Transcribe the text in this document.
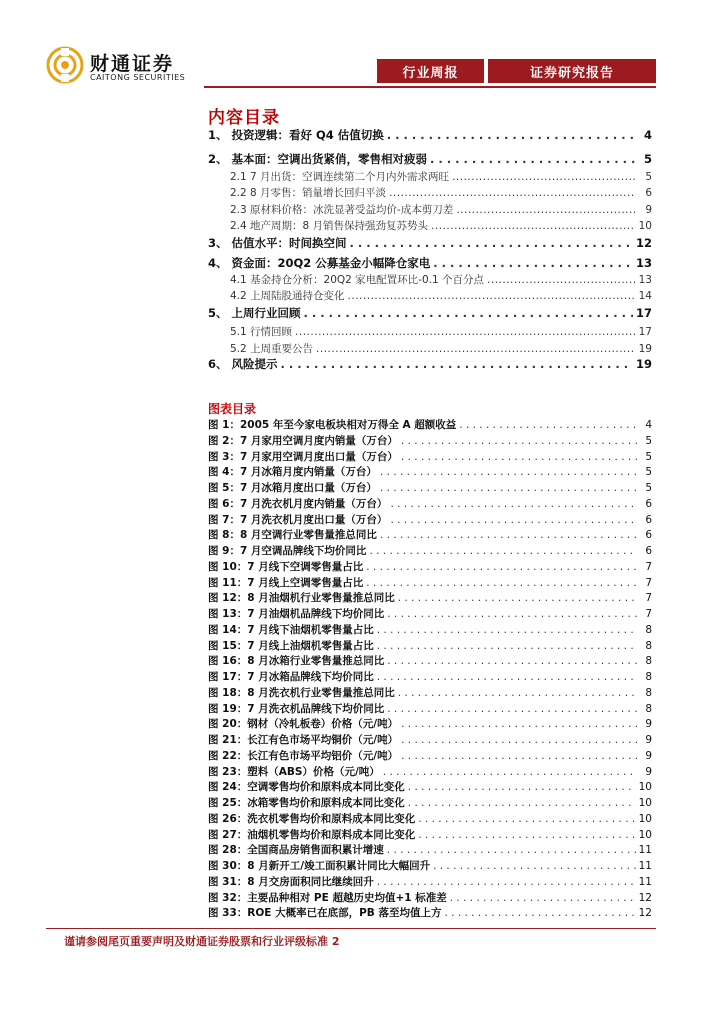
财通证券
CAITONG SECURITIES	行业周报	证券研究报告
内容目录
1、 投资逻辑：看好 Q4 估值切换 . . .	4
2、 基本面：空调出货紧俏，零售相对疲弱 . . .	5
2.1 7 月出货：空调连续第二个月内外需求两旺 .....	5
2.2 8 月零售：销量增长回归平淡 .....	6
2.3 原材料价格：冰洗显著受益均价-成本剪刀差 .....	9
2.4 地产周期：8 月销售保持强劲复苏势头 .....	10
3、 估值水平：时间换空间 . . .	12
4、 资金面：20Q2 公募基金小幅降仓家电 . . .	13
4.1 基金持仓分析：20Q2 家电配置环比-0.1 个百分点 .....	13
4.2 上周陆股通持仓变化 .....	14
5、 上周行业回顾 . . .	17
5.1 行情回顾 .....	17
5.2 上周重要公告 .....	19
6、 风险提示 . . .	19
图表目录
图 1：2005 年至今家电板块相对万得全 A 超额收益 . . .	4
图 2：7 月家用空调月度内销量（万台） . . .	5
图 3：7 月家用空调月度出口量（万台） . . .	5
图 4：7 月冰箱月度内销量（万台） . . .	5
图 5：7 月冰箱月度出口量（万台） . . .	5
图 6：7 月洗衣机月度内销量（万台） . . .	6
图 7：7 月洗衣机月度出口量（万台） . . .	6
图 8：8 月空调行业零售量推总同比 . . .	6
图 9：7 月空调品牌线下均价同比 . . .	6
图 10：7 月线下空调零售量占比 . . .	7
图 11：7 月线上空调零售量占比 . . .	7
图 12：8 月油烟机行业零售量推总同比 . . .	7
图 13：7 月油烟机品牌线下均价同比 . . .	7
图 14：7 月线下油烟机零售量占比 . . .	8
图 15：7 月线上油烟机零售量占比 . . .	8
图 16：8 月冰箱行业零售量推总同比 . . .	8
图 17：7 月冰箱品牌线下均价同比 . . .	8
图 18：8 月洗衣机行业零售量推总同比 . . .	8
图 19：7 月洗衣机品牌线下均价同比 . . .	8
图 20：钢材（冷轧板卷）价格（元/吨） . . .	9
图 21：长江有色市场平均铜价（元/吨） . . .	9
图 22：长江有色市场平均铝价（元/吨） . . .	9
图 23：塑料（ABS）价格（元/吨） . . .	9
图 24：空调零售均价和原料成本同比变化 . . .	10
图 25：冰箱零售均价和原料成本同比变化 . . .	10
图 26：洗衣机零售均价和原料成本同比变化 . . .	10
图 27：油烟机零售均价和原料成本同比变化 . . .	10
图 28：全国商品房销售面积累计增速 . . .	11
图 30：8 月新开工/竣工面积累计同比大幅回升 . . .	11
图 31：8 月交房面积同比继续回升 . . .	11
图 32：主要品种相对 PE 超越历史均值+1 标准差 . . .	12
图 33：ROE 大概率已在底部，PB 落至均值上方 . . .	12
谨请参阅尾页重要声明及财通证券股票和行业评级标准 2
